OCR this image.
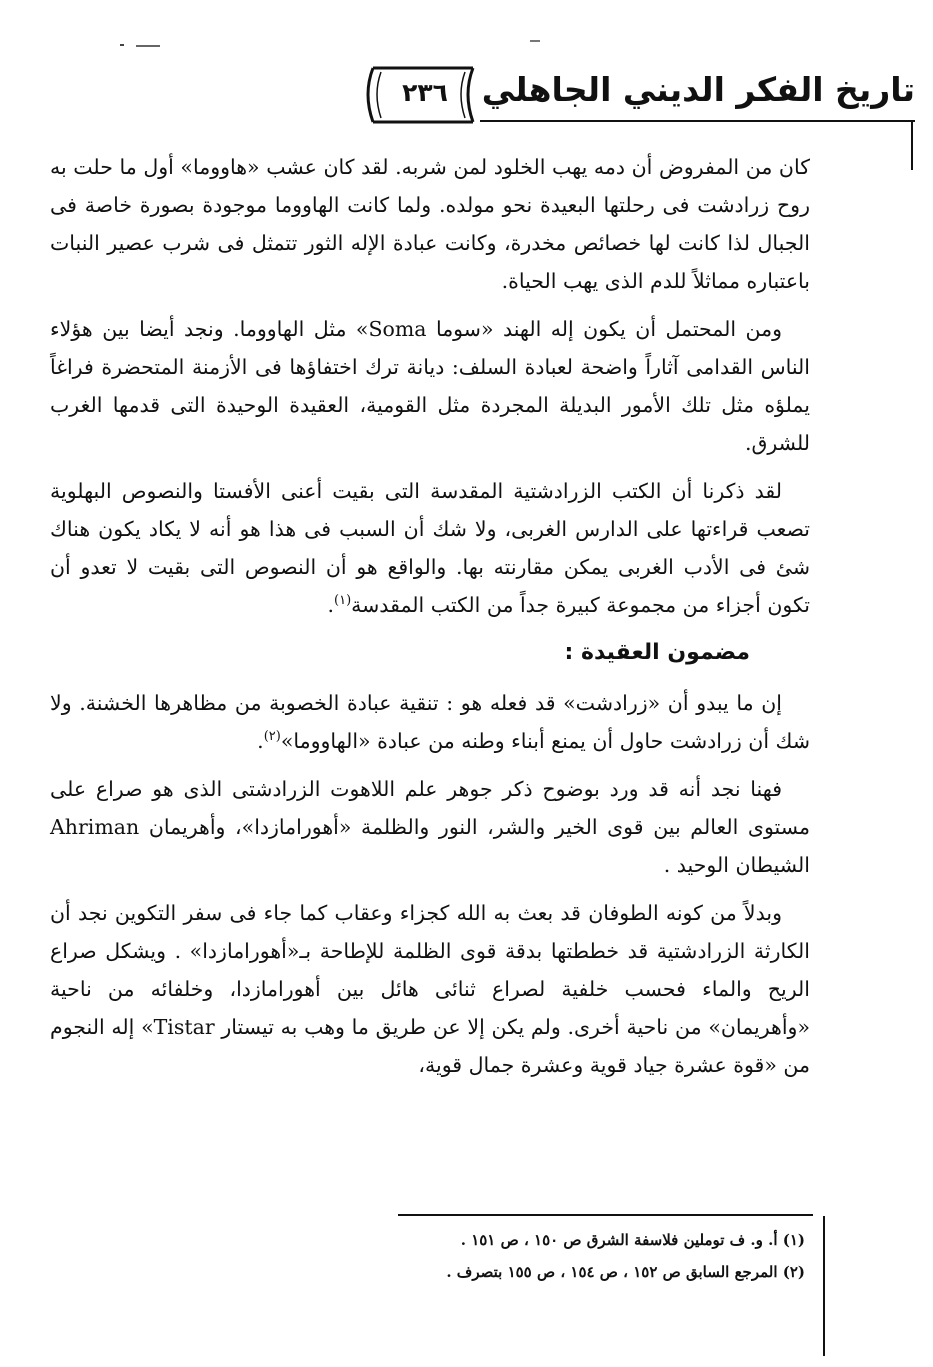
٢٣٦	تاريخ الفكر الديني الجاهلي

كان من المفروض أن دمه يهب الخلود لمن شربه. لقد كان عشب «هاووما» أول ما حلت به روح زرادشت فى رحلتها البعيدة نحو مولده. ولما كانت الهاووما موجودة بصورة خاصة فى الجبال لذا كانت لها خصائص مخدرة، وكانت عبادة الإله الثور تتمثل فى شرب عصير النبات باعتباره مماثلاً للدم الذى يهب الحياة.

ومن المحتمل أن يكون إله الهند «سوما Soma» مثل الهاووما. ونجد أيضا بين هؤلاء الناس القدامى آثاراً واضحة لعبادة السلف: ديانة ترك اختفاؤها فى الأزمنة المتحضرة فراغاً يملؤه مثل تلك الأمور البديلة المجردة مثل القومية، العقيدة الوحيدة التى قدمها الغرب للشرق.

لقد ذكرنا أن الكتب الزرادشتية المقدسة التى بقيت أعنى الأفستا والنصوص البهلوية تصعب قراءتها على الدارس الغربى، ولا شك أن السبب فى هذا هو أنه لا يكاد يكون هناك شئ فى الأدب الغربى يمكن مقارنته بها. والواقع هو أن النصوص التى بقيت لا تعدو أن تكون أجزاء من مجموعة كبيرة جداً من الكتب المقدسة$^{(١)}$.

مضمون العقيدة :

إن ما يبدو أن «زرادشت» قد فعله هو : تنقية عبادة الخصوبة من مظاهرها الخشنة. ولا شك أن زرادشت حاول أن يمنع أبناء وطنه من عبادة «الهاووما»$^{(٢)}$.

فهنا نجد أنه قد ورد بوضوح ذكر جوهر علم اللاهوت الزرادشتى الذى هو صراع على مستوى العالم بين قوى الخير والشر، النور والظلمة «أهورامازدا»، وأهريمان Ahriman الشيطان الوحيد .

وبدلاً من كونه الطوفان قد بعث به الله كجزاء وعقاب كما جاء فى سفر التكوين نجد أن الكارثة الزرادشتية قد خططتها بدقة قوى الظلمة للإطاحة بـ«أهورامازدا» . ويشكل صراع الريح والماء فحسب خلفية لصراع ثنائى هائل بين أهورامازدا، وخلفائه من ناحية «وأهريمان» من ناحية أخرى. ولم يكن إلا عن طريق ما وهب به تيستار Tistar» إله النجوم من «قوة عشرة جياد قوية وعشرة جمال قوية،

(١) أ. و. ف توملين فلاسفة الشرق ص ١٥٠ ، ص ١٥١ .

(٢) المرجع السابق ص ١٥٢ ، ص ١٥٤ ، ص ١٥٥ بتصرف .
